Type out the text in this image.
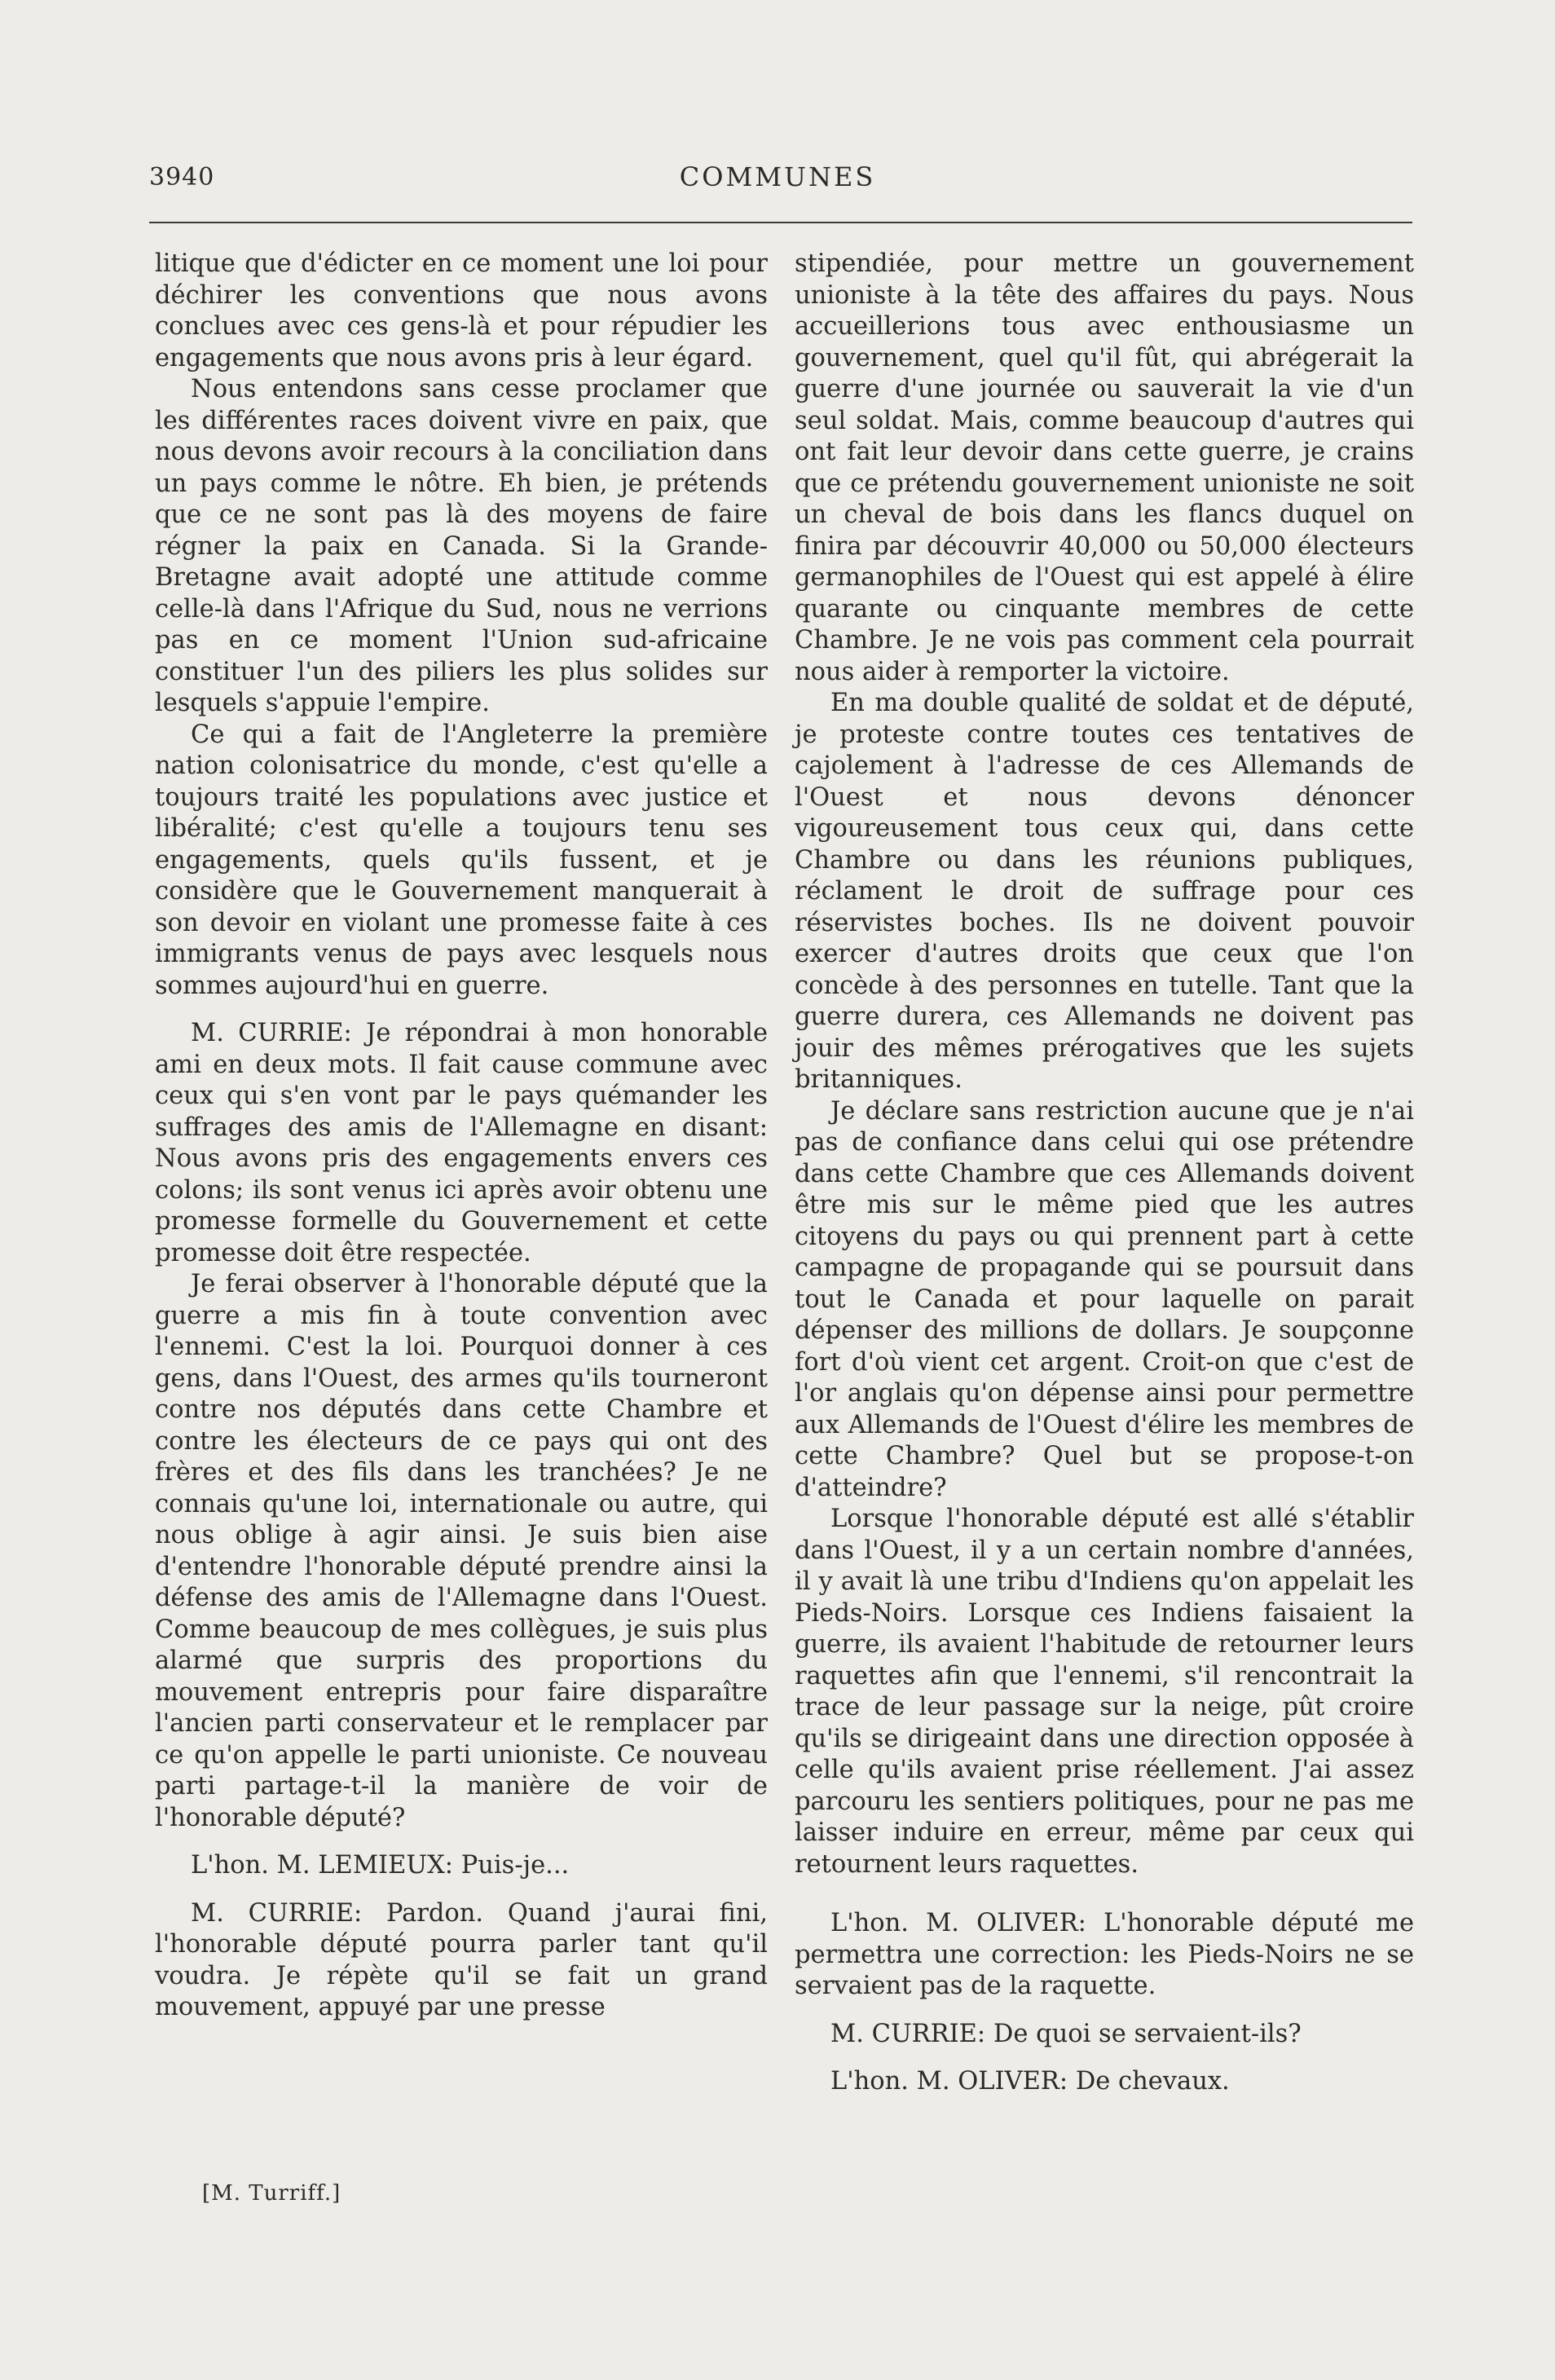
3940	COMMUNES

litique que d'édicter en ce moment une loi pour déchirer les conventions que nous avons conclues avec ces gens-là et pour répudier les engagements que nous avons pris à leur égard.

Nous entendons sans cesse proclamer que les différentes races doivent vivre en paix, que nous devons avoir recours à la conciliation dans un pays comme le nôtre. Eh bien, je prétends que ce ne sont pas là des moyens de faire régner la paix en Canada. Si la Grande-Bretagne avait adopté une attitude comme celle-là dans l'Afrique du Sud, nous ne verrions pas en ce moment l'Union sud-africaine constituer l'un des piliers les plus solides sur lesquels s'appuie l'empire.

Ce qui a fait de l'Angleterre la première nation colonisatrice du monde, c'est qu'elle a toujours traité les populations avec justice et libéralité; c'est qu'elle a toujours tenu ses engagements, quels qu'ils fussent, et je considère que le Gouvernement manquerait à son devoir en violant une promesse faite à ces immigrants venus de pays avec lesquels nous sommes aujourd'hui en guerre.

M. CURRIE: Je répondrai à mon honorable ami en deux mots. Il fait cause commune avec ceux qui s'en vont par le pays quémander les suffrages des amis de l'Allemagne en disant: Nous avons pris des engagements envers ces colons; ils sont venus ici après avoir obtenu une promesse formelle du Gouvernement et cette promesse doit être respectée.

Je ferai observer à l'honorable député que la guerre a mis fin à toute convention avec l'ennemi. C'est la loi. Pourquoi donner à ces gens, dans l'Ouest, des armes qu'ils tourneront contre nos députés dans cette Chambre et contre les électeurs de ce pays qui ont des frères et des fils dans les tranchées? Je ne connais qu'une loi, internationale ou autre, qui nous oblige à agir ainsi. Je suis bien aise d'entendre l'honorable député prendre ainsi la défense des amis de l'Allemagne dans l'Ouest. Comme beaucoup de mes collègues, je suis plus alarmé que surpris des proportions du mouvement entrepris pour faire disparaître l'ancien parti conservateur et le remplacer par ce qu'on appelle le parti unioniste. Ce nouveau parti partage-t-il la manière de voir de l'honorable député?

L'hon. M. LEMIEUX: Puis-je...

M. CURRIE: Pardon. Quand j'aurai fini, l'honorable député pourra parler tant qu'il voudra. Je répète qu'il se fait un grand mouvement, appuyé par une presse

stipendiée, pour mettre un gouvernement unioniste à la tête des affaires du pays. Nous accueillerions tous avec enthousiasme un gouvernement, quel qu'il fût, qui abrégerait la guerre d'une journée ou sauverait la vie d'un seul soldat. Mais, comme beaucoup d'autres qui ont fait leur devoir dans cette guerre, je crains que ce prétendu gouvernement unioniste ne soit un cheval de bois dans les flancs duquel on finira par découvrir 40,000 ou 50,000 électeurs germanophiles de l'Ouest qui est appelé à élire quarante ou cinquante membres de cette Chambre. Je ne vois pas comment cela pourrait nous aider à remporter la victoire.

En ma double qualité de soldat et de député, je proteste contre toutes ces tentatives de cajolement à l'adresse de ces Allemands de l'Ouest et nous devons dénoncer vigoureusement tous ceux qui, dans cette Chambre ou dans les réunions publiques, réclament le droit de suffrage pour ces réservistes boches. Ils ne doivent pouvoir exercer d'autres droits que ceux que l'on concède à des personnes en tutelle. Tant que la guerre durera, ces Allemands ne doivent pas jouir des mêmes prérogatives que les sujets britanniques.

Je déclare sans restriction aucune que je n'ai pas de confiance dans celui qui ose prétendre dans cette Chambre que ces Allemands doivent être mis sur le même pied que les autres citoyens du pays ou qui prennent part à cette campagne de propagande qui se poursuit dans tout le Canada et pour laquelle on parait dépenser des millions de dollars. Je soupçonne fort d'où vient cet argent. Croit-on que c'est de l'or anglais qu'on dépense ainsi pour permettre aux Allemands de l'Ouest d'élire les membres de cette Chambre? Quel but se propose-t-on d'atteindre?

Lorsque l'honorable député est allé s'établir dans l'Ouest, il y a un certain nombre d'années, il y avait là une tribu d'Indiens qu'on appelait les Pieds-Noirs. Lorsque ces Indiens faisaient la guerre, ils avaient l'habitude de retourner leurs raquettes afin que l'ennemi, s'il rencontrait la trace de leur passage sur la neige, pût croire qu'ils se dirigeaint dans une direction opposée à celle qu'ils avaient prise réellement. J'ai assez parcouru les sentiers politiques, pour ne pas me laisser induire en erreur, même par ceux qui retournent leurs raquettes.

L'hon. M. OLIVER: L'honorable député me permettra une correction: les Pieds-Noirs ne se servaient pas de la raquette.

M. CURRIE: De quoi se servaient-ils?

L'hon. M. OLIVER: De chevaux.

[M. Turriff.]
